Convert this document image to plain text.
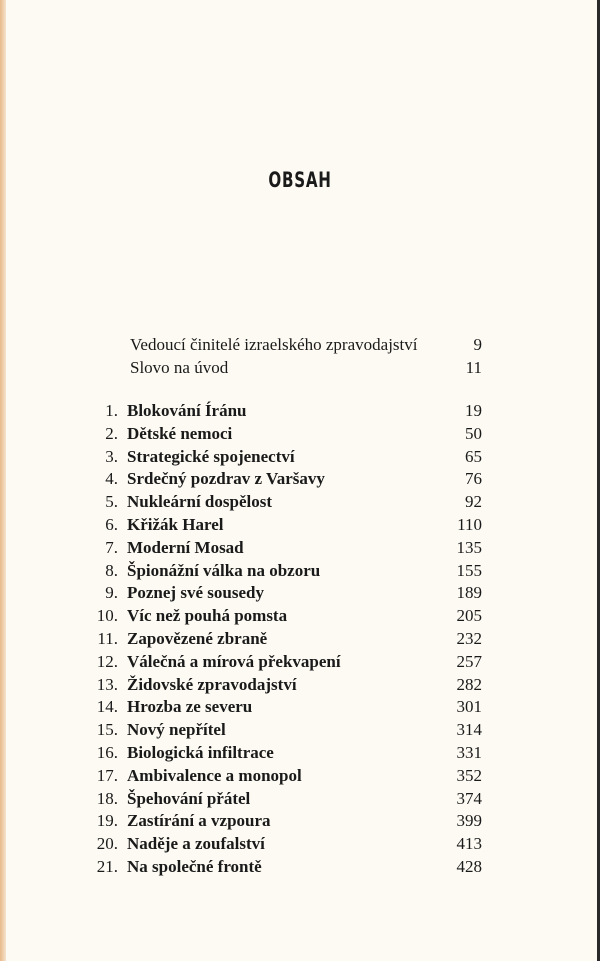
OBSAH
Vedoucí činitelé izraelského zpravodajství	9
Slovo na úvod	11
1. Blokování Íránu	19
2. Dětské nemoci	50
3. Strategické spojenectví	65
4. Srdečný pozdrav z Varšavy	76
5. Nukleární dospělost	92
6. Křižák Harel	110
7. Moderní Mosad	135
8. Špionážní válka na obzoru	155
9. Poznej své sousedy	189
10. Víc než pouhá pomsta	205
11. Zapovězené zbraně	232
12. Válečná a mírová překvapení	257
13. Židovské zpravodajství	282
14. Hrozba ze severu	301
15. Nový nepřítel	314
16. Biologická infiltrace	331
17. Ambivalence a monopol	352
18. Špehování přátel	374
19. Zastírání a vzpoura	399
20. Naděje a zoufalství	413
21. Na společné frontě	428
